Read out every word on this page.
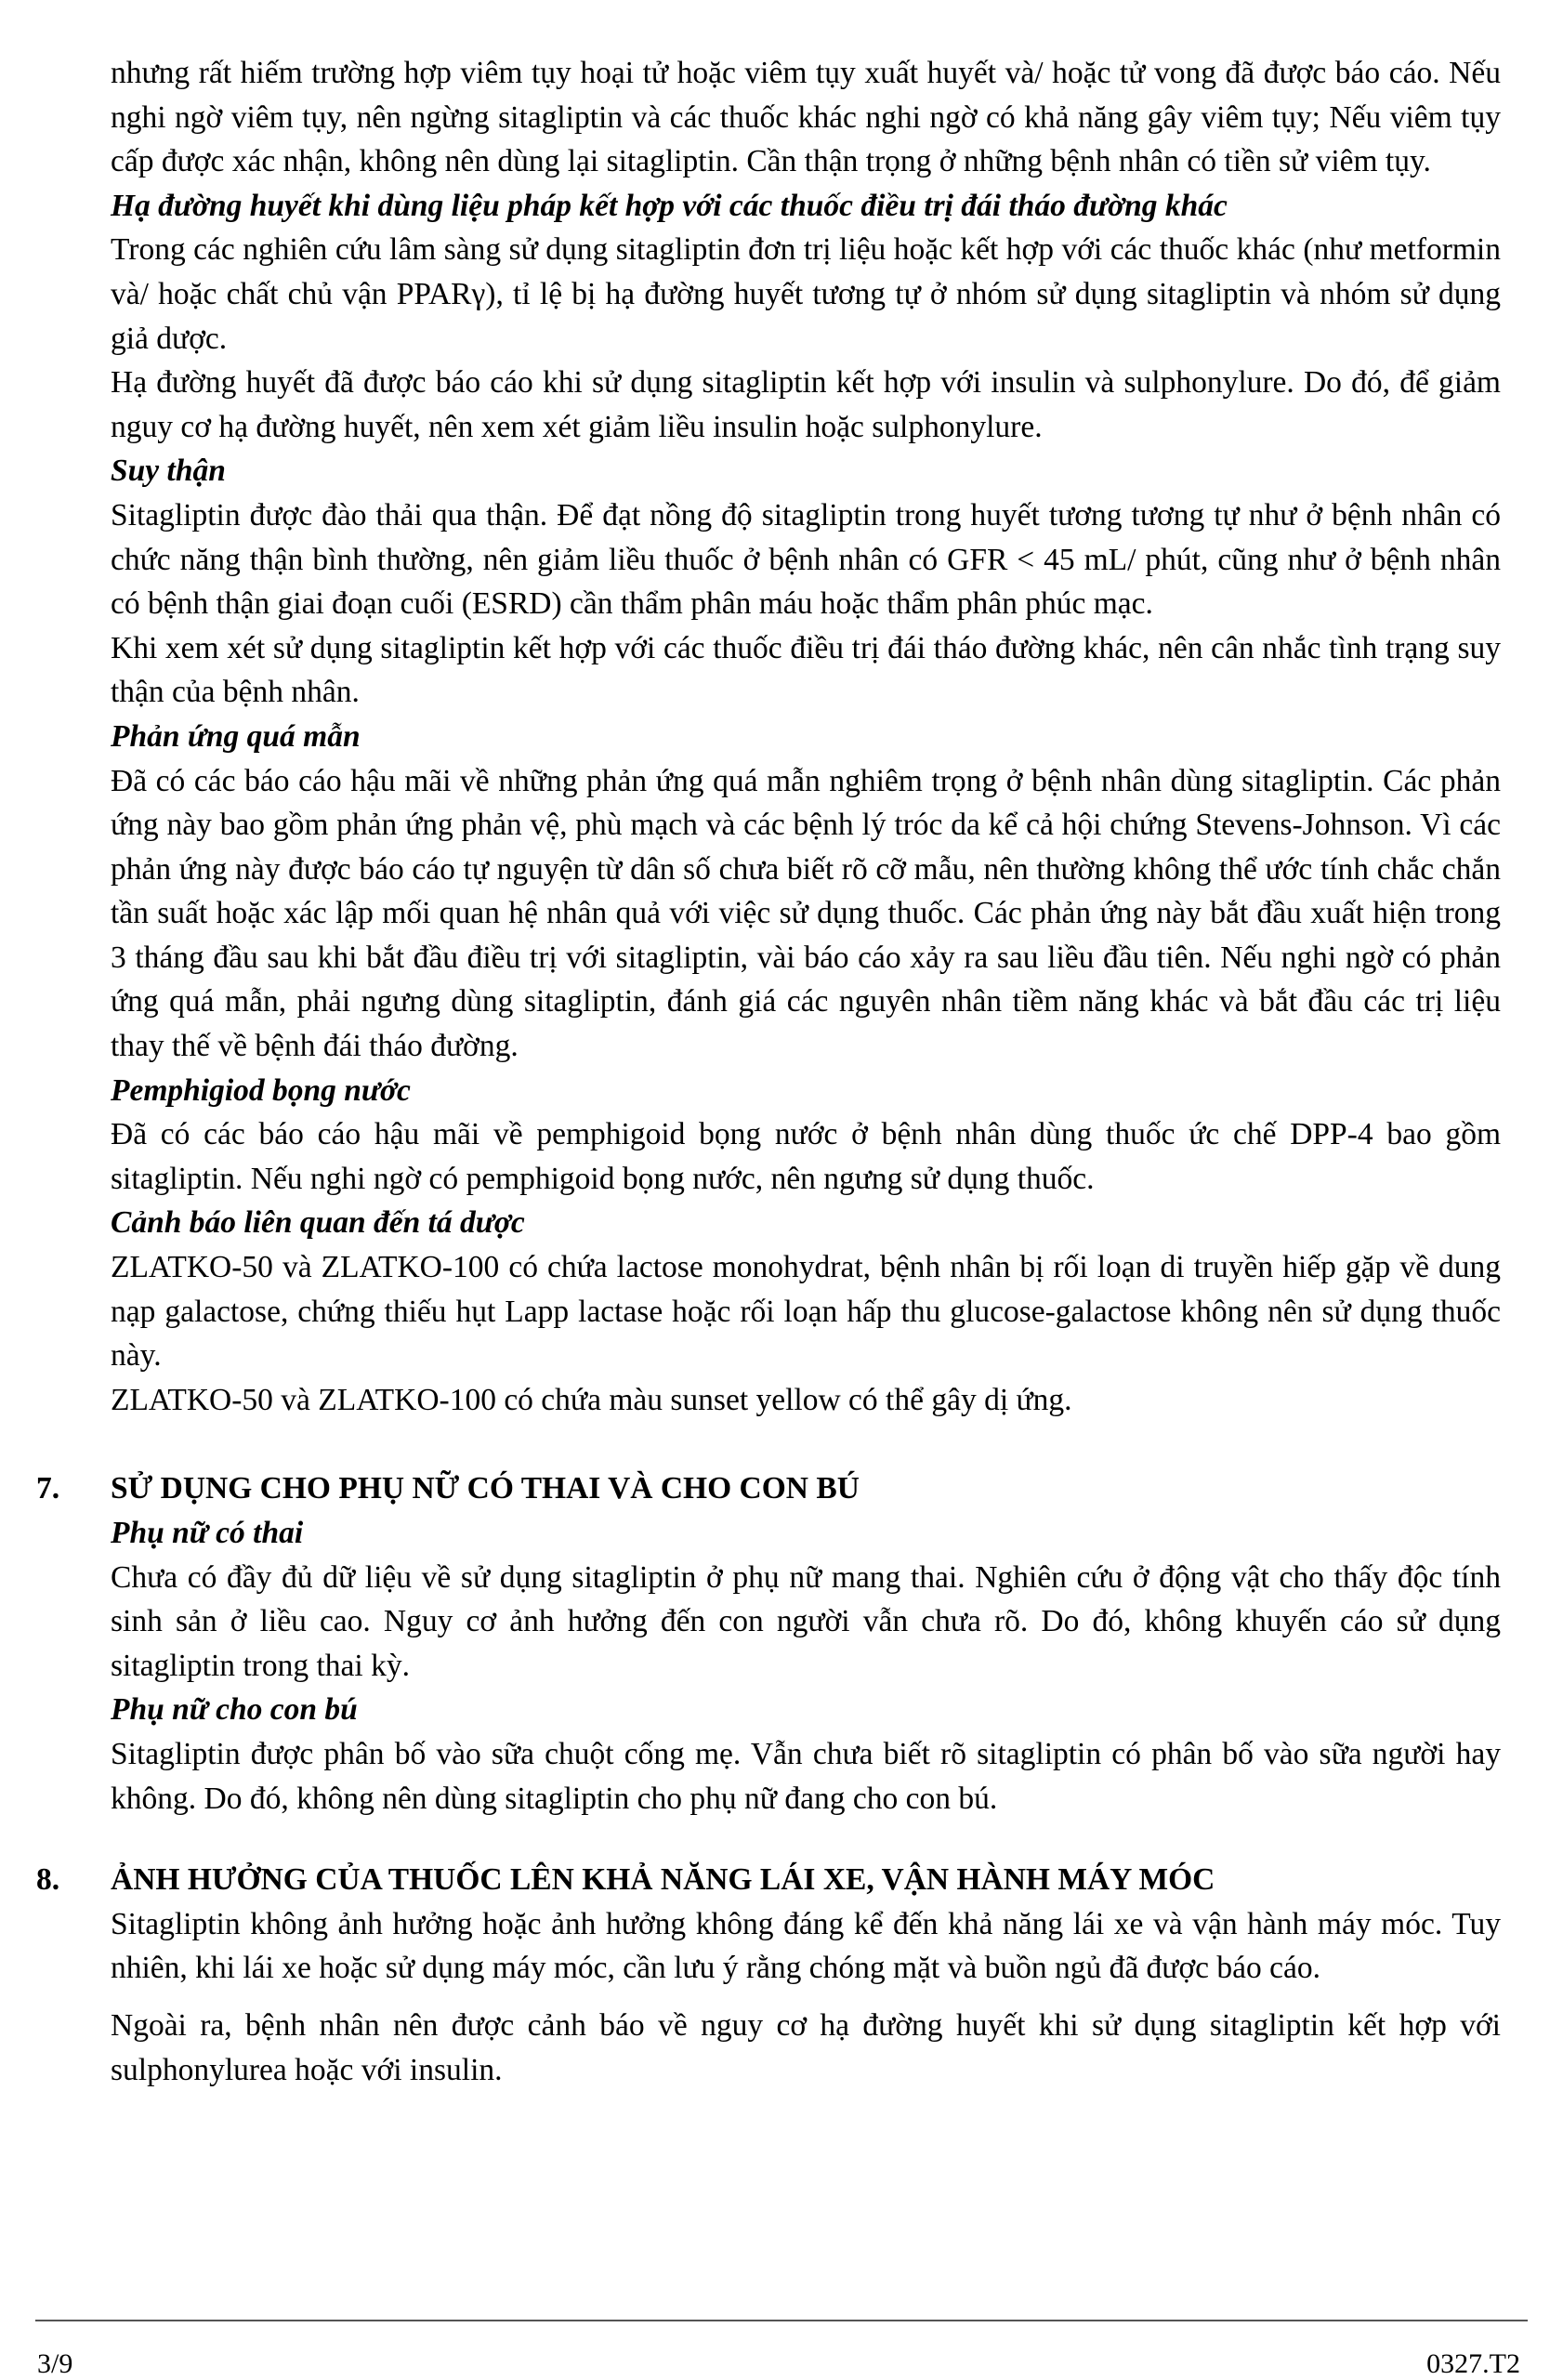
nhưng rất hiếm trường hợp viêm tụy hoại tử hoặc viêm tụy xuất huyết và/ hoặc tử vong đã được báo cáo. Nếu nghi ngờ viêm tụy, nên ngừng sitagliptin và các thuốc khác nghi ngờ có khả năng gây viêm tụy; Nếu viêm tụy cấp được xác nhận, không nên dùng lại sitagliptin. Cần thận trọng ở những bệnh nhân có tiền sử viêm tụy.

Hạ đường huyết khi dùng liệu pháp kết hợp với các thuốc điều trị đái tháo đường khác

Trong các nghiên cứu lâm sàng sử dụng sitagliptin đơn trị liệu hoặc kết hợp với các thuốc khác (như metformin và/ hoặc chất chủ vận PPARγ), tỉ lệ bị hạ đường huyết tương tự ở nhóm sử dụng sitagliptin và nhóm sử dụng giả dược.

Hạ đường huyết đã được báo cáo khi sử dụng sitagliptin kết hợp với insulin và sulphonylure. Do đó, để giảm nguy cơ hạ đường huyết, nên xem xét giảm liều insulin hoặc sulphonylure.

Suy thận

Sitagliptin được đào thải qua thận. Để đạt nồng độ sitagliptin trong huyết tương tương tự như ở bệnh nhân có chức năng thận bình thường, nên giảm liều thuốc ở bệnh nhân có GFR < 45 mL/ phút, cũng như ở bệnh nhân có bệnh thận giai đoạn cuối (ESRD) cần thẩm phân máu hoặc thẩm phân phúc mạc.

Khi xem xét sử dụng sitagliptin kết hợp với các thuốc điều trị đái tháo đường khác, nên cân nhắc tình trạng suy thận của bệnh nhân.

Phản ứng quá mẫn

Đã có các báo cáo hậu mãi về những phản ứng quá mẫn nghiêm trọng ở bệnh nhân dùng sitagliptin. Các phản ứng này bao gồm phản ứng phản vệ, phù mạch và các bệnh lý tróc da kể cả hội chứng Stevens-Johnson. Vì các phản ứng này được báo cáo tự nguyện từ dân số chưa biết rõ cỡ mẫu, nên thường không thể ước tính chắc chắn tần suất hoặc xác lập mối quan hệ nhân quả với việc sử dụng thuốc. Các phản ứng này bắt đầu xuất hiện trong 3 tháng đầu sau khi bắt đầu điều trị với sitagliptin, vài báo cáo xảy ra sau liều đầu tiên. Nếu nghi ngờ có phản ứng quá mẫn, phải ngưng dùng sitagliptin, đánh giá các nguyên nhân tiềm năng khác và bắt đầu các trị liệu thay thế về bệnh đái tháo đường.

Pemphigiod bọng nước

Đã có các báo cáo hậu mãi về pemphigoid bọng nước ở bệnh nhân dùng thuốc ức chế DPP-4 bao gồm sitagliptin. Nếu nghi ngờ có pemphigoid bọng nước, nên ngưng sử dụng thuốc.

Cảnh báo liên quan đến tá dược

ZLATKO-50 và ZLATKO-100 có chứa lactose monohydrat, bệnh nhân bị rối loạn di truyền hiếp gặp về dung nạp galactose, chứng thiếu hụt Lapp lactase hoặc rối loạn hấp thu glucose-galactose không nên sử dụng thuốc này.

ZLATKO-50 và ZLATKO-100 có chứa màu sunset yellow có thể gây dị ứng.

7. SỬ DỤNG CHO PHỤ NỮ CÓ THAI VÀ CHO CON BÚ

Phụ nữ có thai

Chưa có đầy đủ dữ liệu về sử dụng sitagliptin ở phụ nữ mang thai. Nghiên cứu ở động vật cho thấy độc tính sinh sản ở liều cao. Nguy cơ ảnh hưởng đến con người vẫn chưa rõ. Do đó, không khuyến cáo sử dụng sitagliptin trong thai kỳ.

Phụ nữ cho con bú

Sitagliptin được phân bố vào sữa chuột cống mẹ. Vẫn chưa biết rõ sitagliptin có phân bố vào sữa người hay không. Do đó, không nên dùng sitagliptin cho phụ nữ đang cho con bú.

8. ẢNH HƯỞNG CỦA THUỐC LÊN KHẢ NĂNG LÁI XE, VẬN HÀNH MÁY MÓC

Sitagliptin không ảnh hưởng hoặc ảnh hưởng không đáng kể đến khả năng lái xe và vận hành máy móc. Tuy nhiên, khi lái xe hoặc sử dụng máy móc, cần lưu ý rằng chóng mặt và buồn ngủ đã được báo cáo.

Ngoài ra, bệnh nhân nên được cảnh báo về nguy cơ hạ đường huyết khi sử dụng sitagliptin kết hợp với sulphonylurea hoặc với insulin.

3/9	0327.T2
